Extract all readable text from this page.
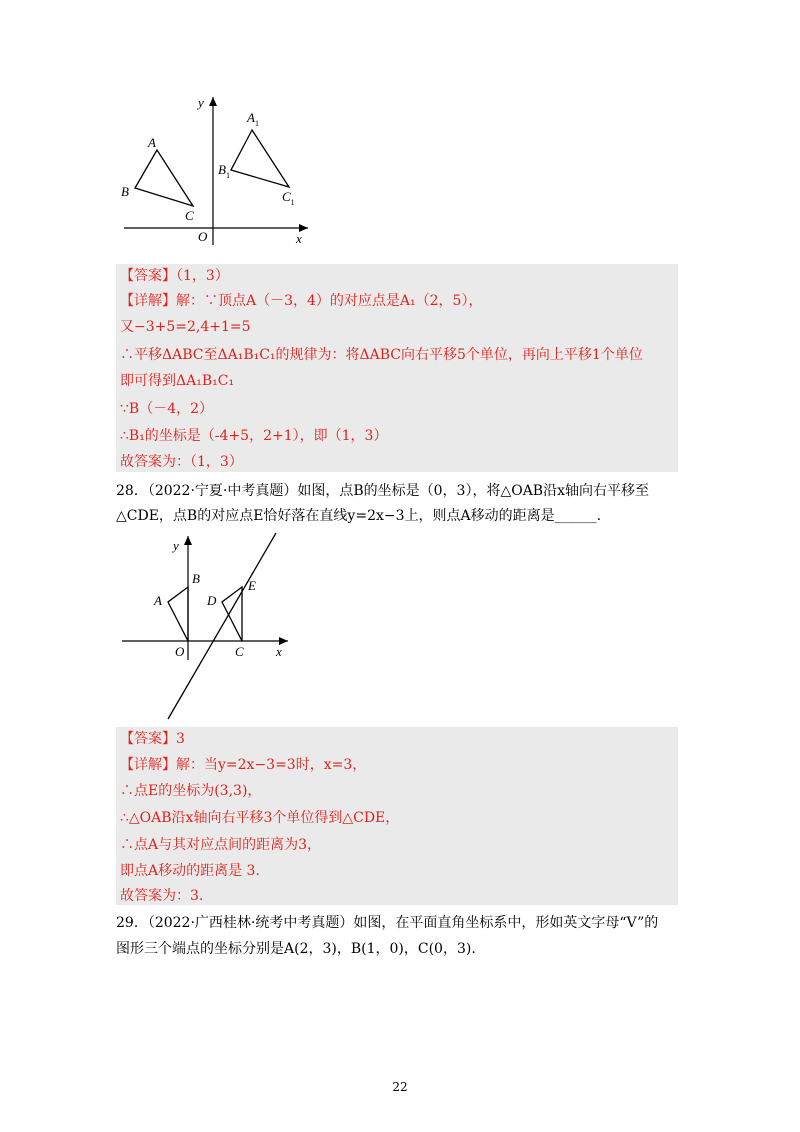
y
x
O
A
B
C
$A_1$
$B_1$
$C_1$
【答案】（1，3）
【详解】解：∵顶点A（－3，4）的对应点是A₁（2，5），
又−3+5=2,4+1=5
∴平移ΔABC至ΔA₁B₁C₁的规律为：将ΔABC向右平移5个单位，再向上平移1个单位
即可得到ΔA₁B₁C₁
∵B（－4，2）
∴B₁的坐标是（-4+5，2+1），即（1，3）
故答案为：（1，3）
28．（2022·宁夏·中考真题）如图，点B的坐标是（0，3），将△OAB沿x轴向右平移至
△CDE，点B的对应点E恰好落在直线y=2x−3上，则点A移动的距离是______.
y
x
O
A
B
C
D
E
【答案】3
【详解】解：当y=2x−3=3时，x=3，
∴点E的坐标为(3,3)，
∴△OAB沿x轴向右平移3个单位得到△CDE，
∴点A与其对应点间的距离为3，
即点A移动的距离是 3.
故答案为：3.
29．（2022·广西桂林·统考中考真题）如图，在平面直角坐标系中，形如英文字母“V”的
图形三个端点的坐标分别是A(2，3)，B(1，0)，C(0，3).
22
